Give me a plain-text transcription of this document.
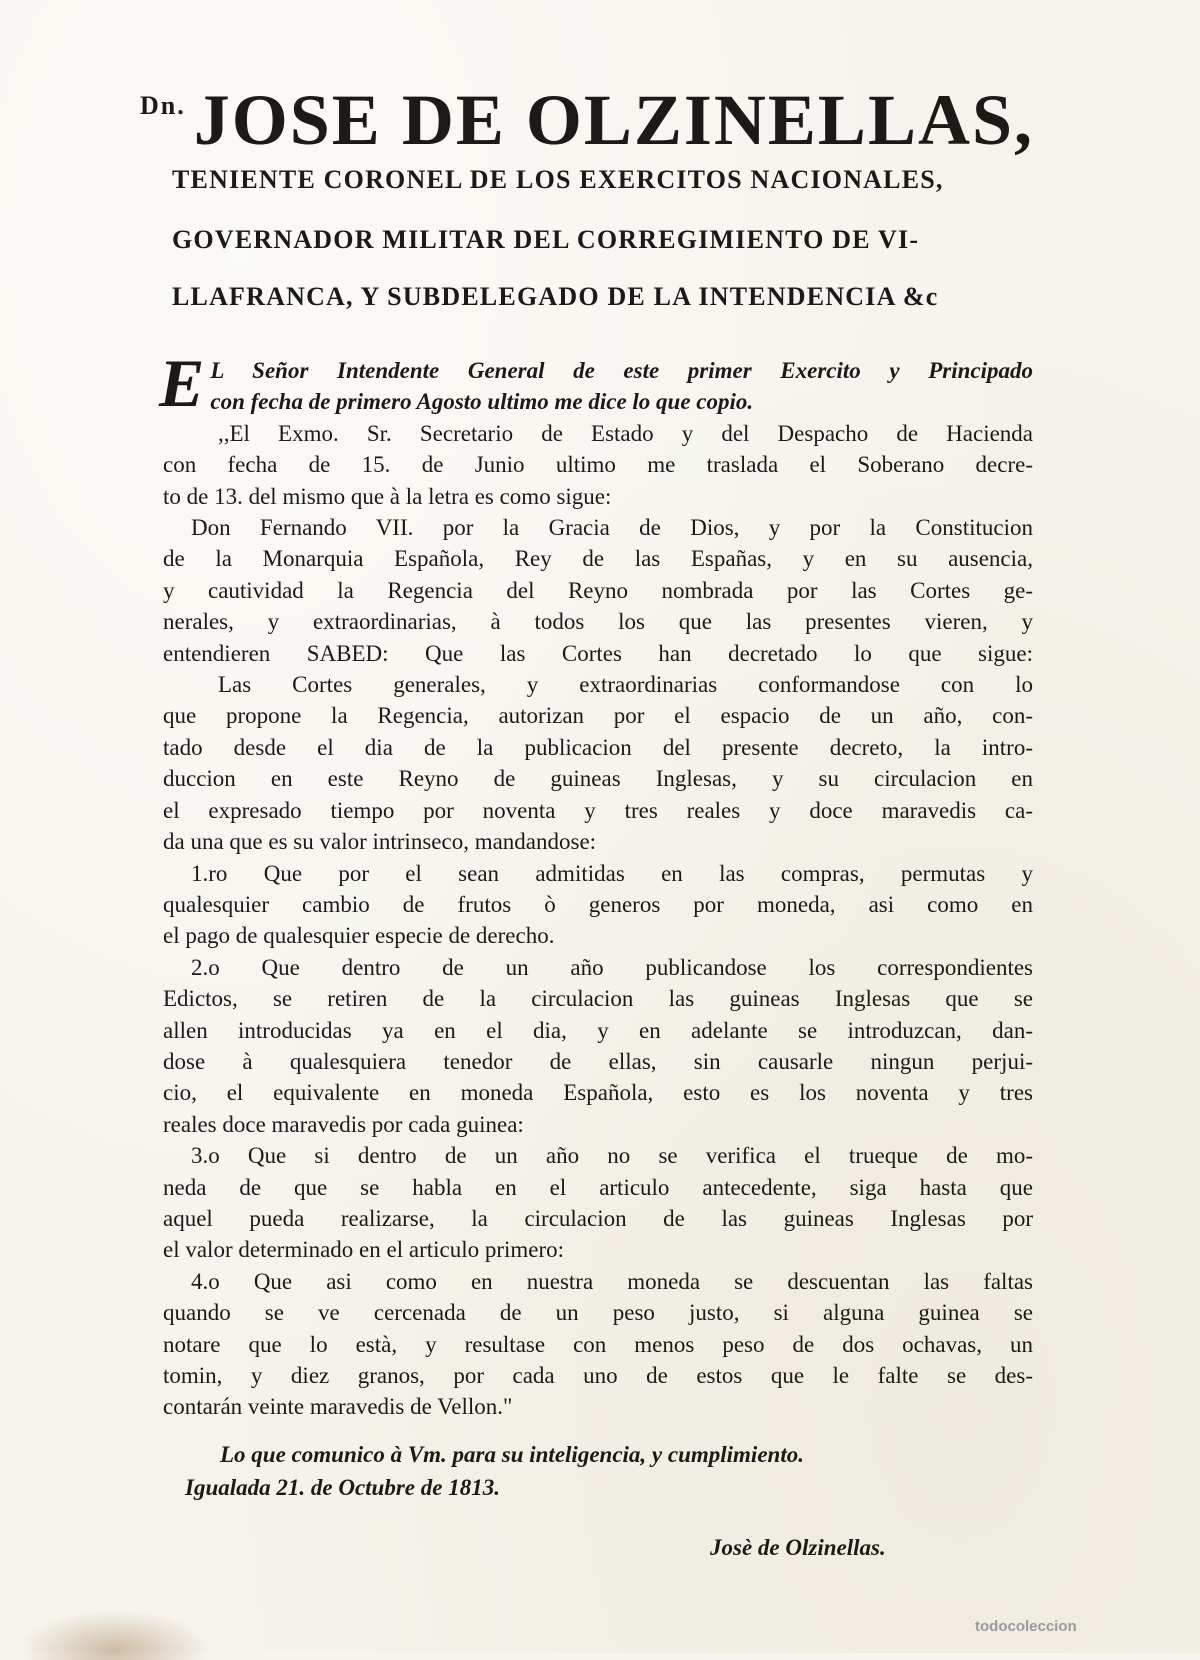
$^{Dn.}$ JOSE DE OLZINELLAS,
TENIENTE CORONEL DE LOS EXERCITOS NACIONALES,
GOVERNADOR MILITAR DEL CORREGIMIENTO DE VI-
LLAFRANCA, Y SUBDELEGADO DE LA INTENDENCIA &c
E L Señor Intendente General de este primer Exercito y Principado
con fecha de primero Agosto ultimo me dice lo que copio.
,,El Exmo. Sr. Secretario de Estado y del Despacho de Hacienda
con fecha de 15. de Junio ultimo me traslada el Soberano decre-
to de 13. del mismo que à la letra es como sigue:
Don Fernando VII. por la Gracia de Dios, y por la Constitucion
de la Monarquia Española, Rey de las Españas, y en su ausencia,
y cautividad la Regencia del Reyno nombrada por las Cortes ge-
nerales, y extraordinarias, à todos los que las presentes vieren, y
entendieren SABED: Que las Cortes han decretado lo que sigue:
Las Cortes generales, y extraordinarias conformandose con lo
que propone la Regencia, autorizan por el espacio de un año, con-
tado desde el dia de la publicacion del presente decreto, la intro-
duccion en este Reyno de guineas Inglesas, y su circulacion en
el expresado tiempo por noventa y tres reales y doce maravedis ca-
da una que es su valor intrinseco, mandandose:
1.ro Que por el sean admitidas en las compras, permutas y
qualesquier cambio de frutos ò generos por moneda, asi como en
el pago de qualesquier especie de derecho.
2.o Que dentro de un año publicandose los correspondientes
Edictos, se retiren de la circulacion las guineas Inglesas que se
allen introducidas ya en el dia, y en adelante se introduzcan, dan-
dose à qualesquiera tenedor de ellas, sin causarle ningun perjui-
cio, el equivalente en moneda Española, esto es los noventa y tres
reales doce maravedis por cada guinea:
3.o Que si dentro de un año no se verifica el trueque de mo-
neda de que se habla en el articulo antecedente, siga hasta que
aquel pueda realizarse, la circulacion de las guineas Inglesas por
el valor determinado en el articulo primero:
4.o Que asi como en nuestra moneda se descuentan las faltas
quando se ve cercenada de un peso justo, si alguna guinea se
notare que lo està, y resultase con menos peso de dos ochavas, un
tomin, y diez granos, por cada uno de estos que le falte se des-
contarán veinte maravedis de Vellon."
Lo que comunico à Vm. para su inteligencia, y cumplimiento.
Igualada 21. de Octubre de 1813.
Josè de Olzinellas.
todocoleccion
